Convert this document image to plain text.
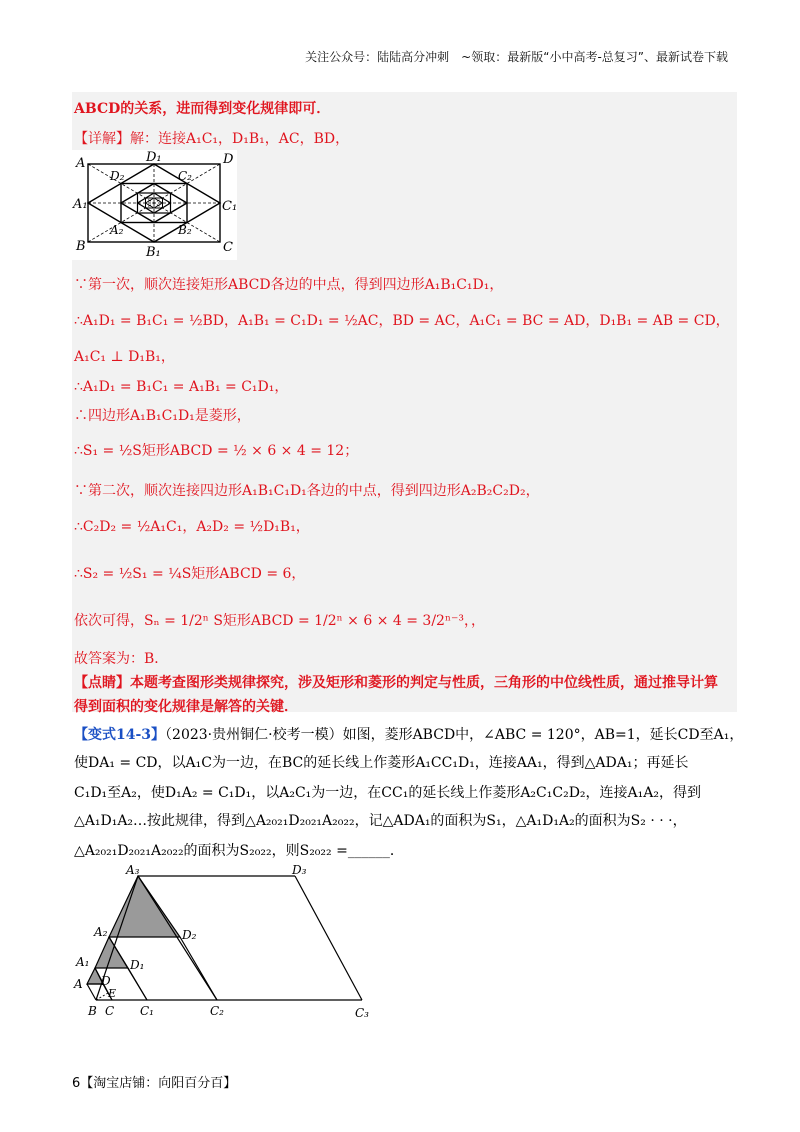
关注公众号：陆陆高分冲刺　~领取：最新版“小中高考-总复习”、最新试卷下载
ABCD的关系，进而得到变化规律即可．
【详解】解：连接A₁C₁，D₁B₁，AC，BD，
A	D₁	D
D₂	C₂
A₁	C₁
A₂	B₂
B	B₁	C
∵第一次，顺次连接矩形ABCD各边的中点，得到四边形A₁B₁C₁D₁，
∴A₁D₁ = B₁C₁ = ½BD，A₁B₁ = C₁D₁ = ½AC，BD = AC，A₁C₁ = BC = AD，D₁B₁ = AB = CD，
A₁C₁ ⊥ D₁B₁，
∴A₁D₁ = B₁C₁ = A₁B₁ = C₁D₁，
∴四边形A₁B₁C₁D₁是菱形，
∴S₁ = ½S矩形ABCD = ½ × 6 × 4 = 12；
∵第二次，顺次连接四边形A₁B₁C₁D₁各边的中点，得到四边形A₂B₂C₂D₂，
∴C₂D₂ = ½A₁C₁，A₂D₂ = ½D₁B₁，
∴S₂ = ½S₁ = ¼S矩形ABCD = 6，
依次可得，Sₙ = 1/2ⁿ S矩形ABCD = 1/2ⁿ × 6 × 4 = 3/2ⁿ⁻³，，
故答案为：B．
【点睛】本题考查图形类规律探究，涉及矩形和菱形的判定与性质，三角形的中位线性质，通过推导计算
得到面积的变化规律是解答的关键．
【变式14-3】（2023·贵州铜仁·校考一模）如图，菱形ABCD中，∠ABC = 120°，AB=1，延长CD至A₁，
使DA₁ = CD，以A₁C为一边，在BC的延长线上作菱形A₁CC₁D₁，连接AA₁，得到△ADA₁；再延长
C₁D₁至A₂，使D₁A₂ = C₁D₁，以A₂C₁为一边，在CC₁的延长线上作菱形A₂C₁C₂D₂，连接A₁A₂，得到
△A₁D₁A₂…按此规律，得到△A₂₀₂₁D₂₀₂₁A₂₀₂₂，记△ADA₁的面积为S₁，△A₁D₁A₂的面积为S₂ · · ·，
△A₂₀₂₁D₂₀₂₁A₂₀₂₂的面积为S₂₀₂₂，则S₂₀₂₂ =______．
A₃	D₃
A₂	D₂
A₁	D₁
A D
E
B C C₁	C₂	C₃
6【淘宝店铺：向阳百分百】
